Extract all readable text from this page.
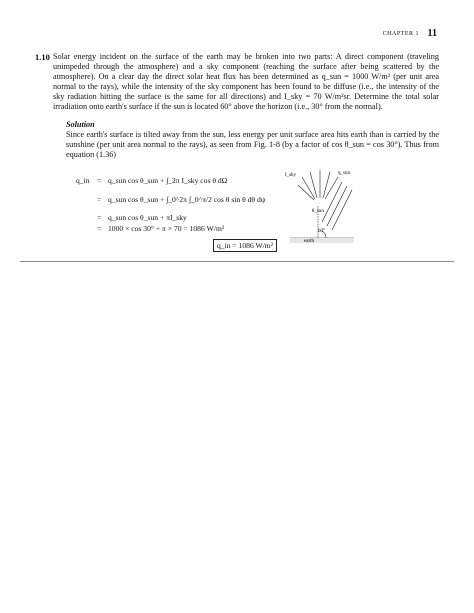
CHAPTER 1 11
1.10 Solar energy incident on the surface of the earth may be broken into two parts: A direct component (traveling unimpeded through the atmosphere) and a sky component (reaching the surface after being scattered by the atmosphere). On a clear day the direct solar heat flux has been determined as q_sun = 1000 W/m² (per unit area normal to the rays), while the intensity of the sky component has been found to be diffuse (i.e., the intensity of the sky radiation hitting the surface is the same for all directions) and I_sky = 70 W/m²sr. Determine the total solar irradiation onto earth's surface if the sun is located 60° above the horizon (i.e., 30° from the normal).
Solution
Since earth's surface is tilted away from the sun, less energy per unit surface area hits earth than is carried by the sunshine (per unit area normal to the rays), as seen from Fig. 1-8 (by a factor of cos θ_sun = cos 30°). Thus from equation (1.36)
q_in = q_sun cos θ_sun + ∫_2π I_sky cos θ dΩ
= q_sun cos θ_sun + ∫_0^2π ∫_0^π/2 cos θ sin θ dθ dψ
= q_sun cos θ_sun + πI_sky
= 1000 × cos 30° + π × 70 = 1086 W/m²
q_in = 1086 W/m²
I_sky	q_sun
θ_sun
60°
earth
